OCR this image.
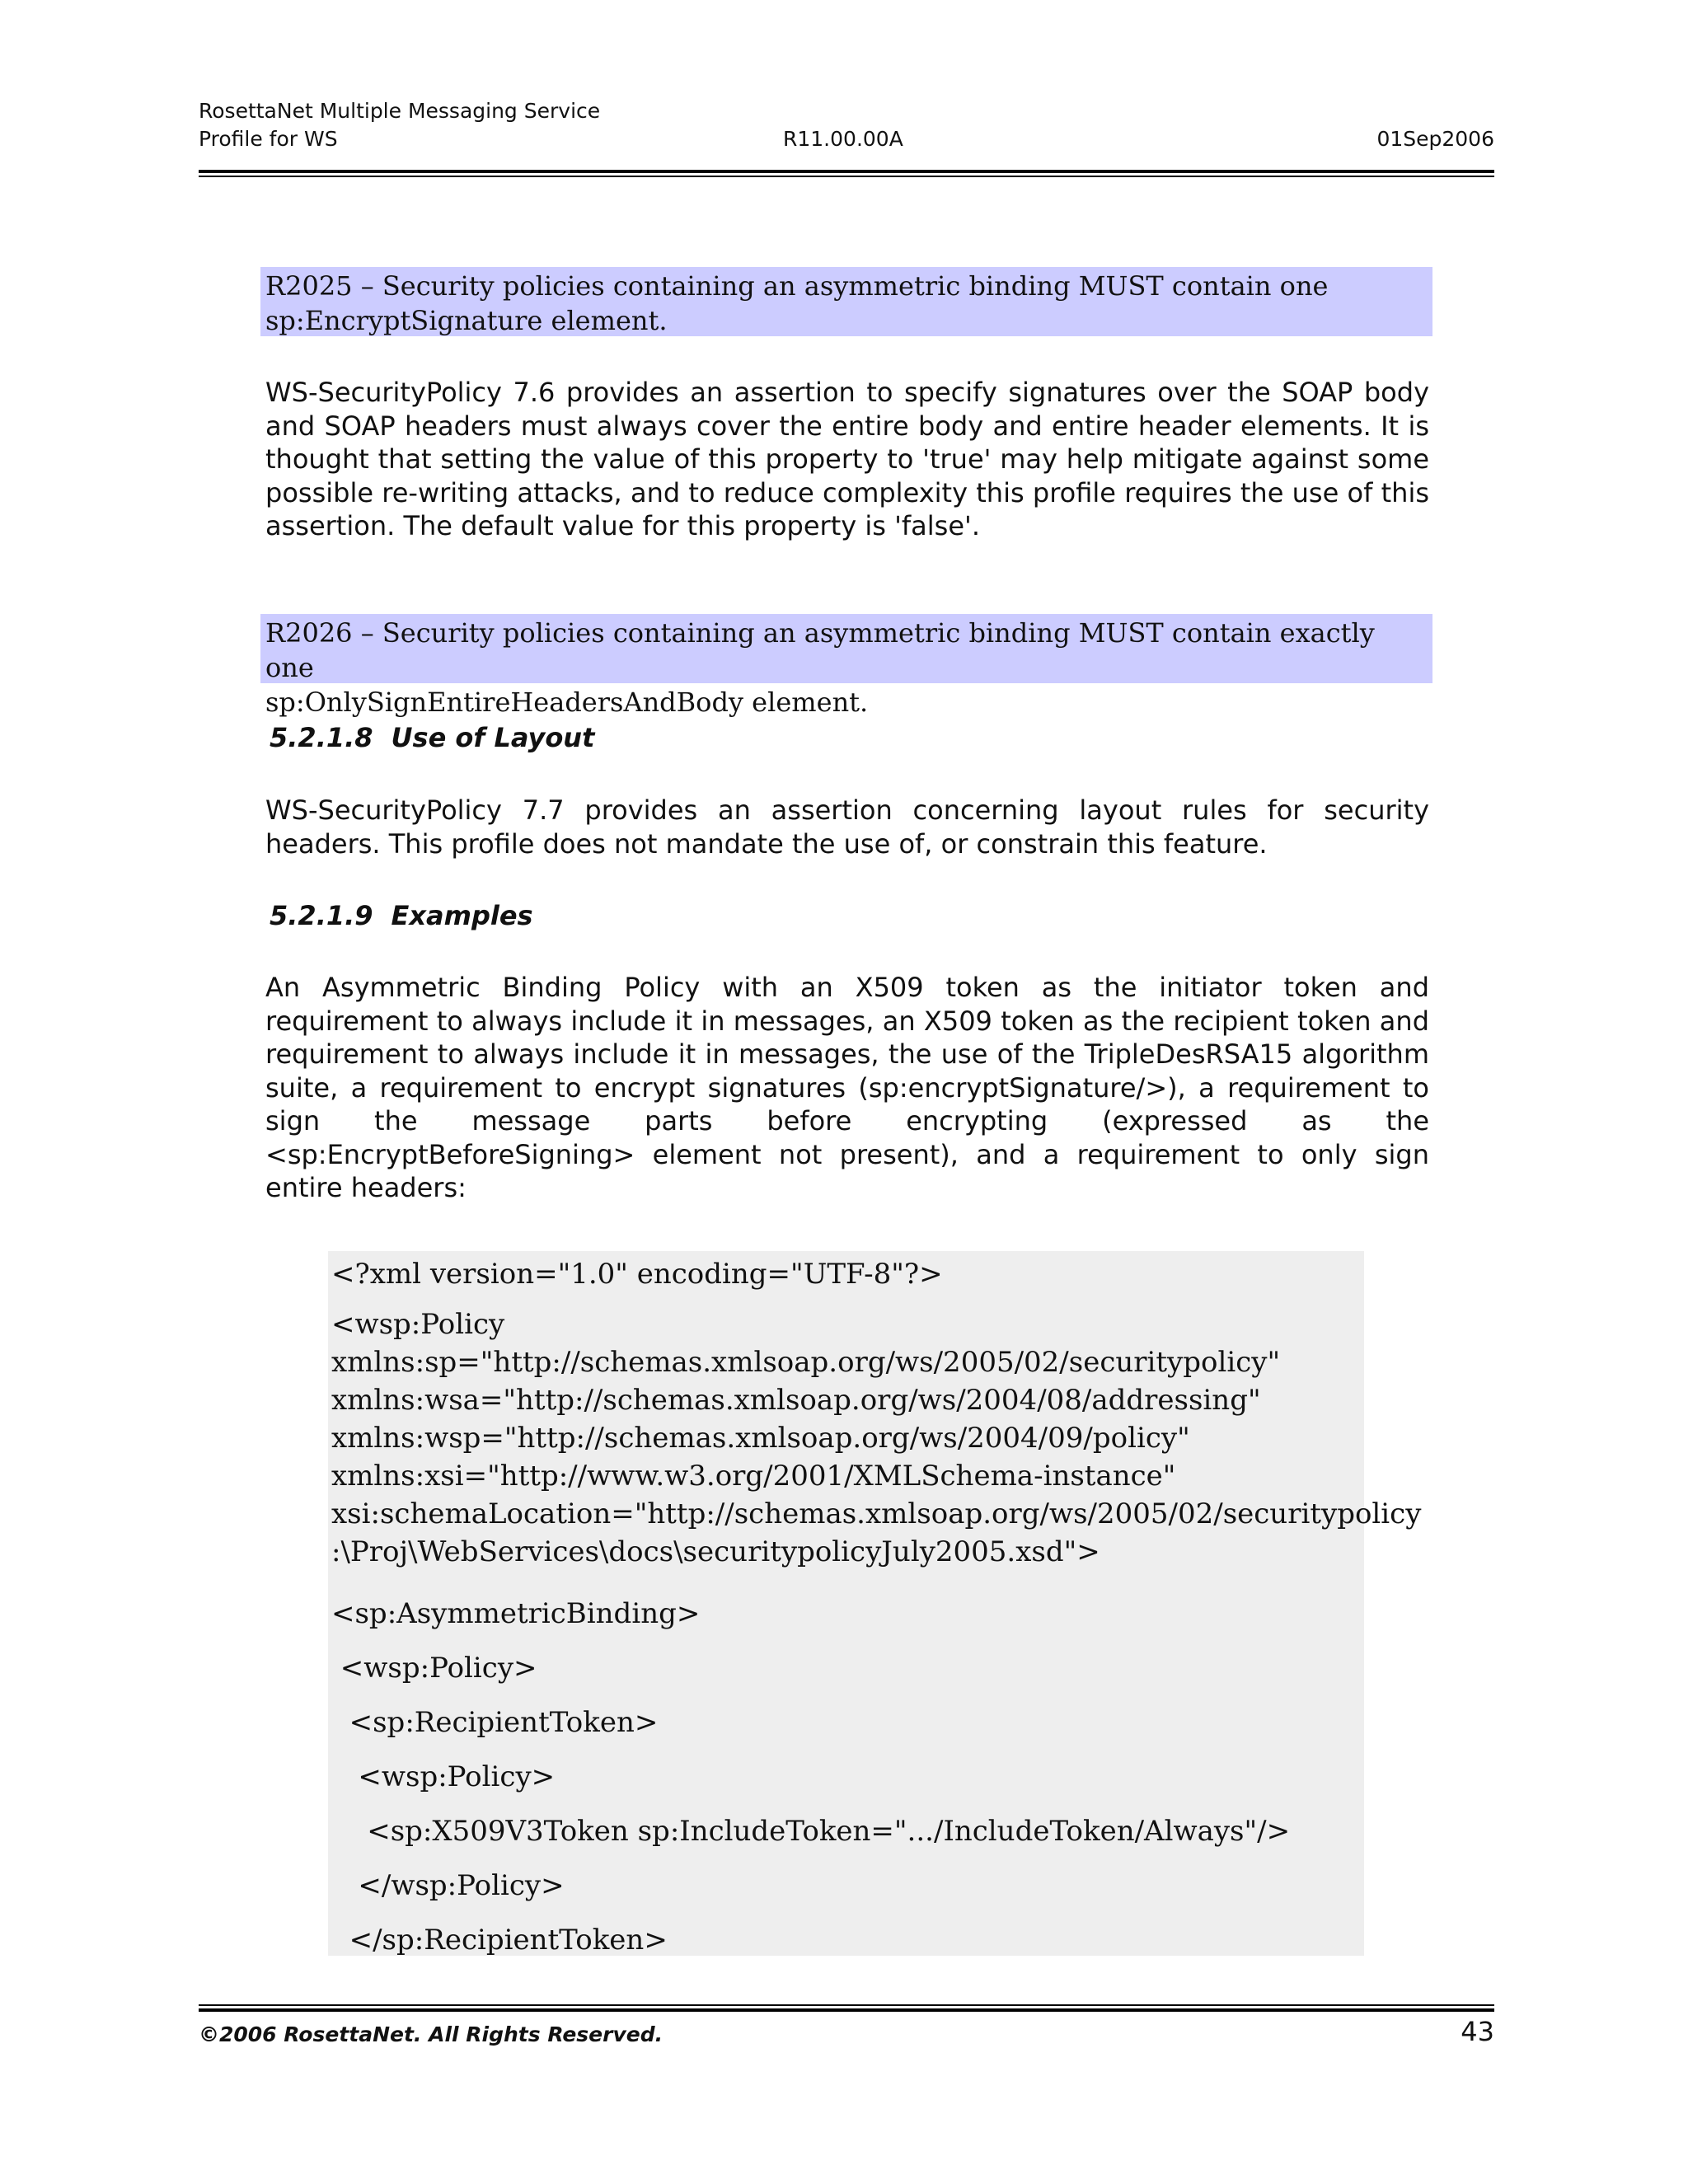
RosettaNet Multiple Messaging Service
Profile for WS	R11.00.00A	01Sep2006
R2025 – Security policies containing an asymmetric binding MUST contain one
sp:EncryptSignature element.

WS-SecurityPolicy 7.6 provides an assertion to specify signatures over the SOAP body and SOAP headers must always cover the entire body and entire header elements. It is thought that setting the value of this property to 'true' may help mitigate against some possible re-writing attacks, and to reduce complexity this profile requires the use of this assertion. The default value for this property is 'false'.

R2026 – Security policies containing an asymmetric binding MUST contain exactly one
sp:OnlySignEntireHeadersAndBody element.
5.2.1.8 Use of Layout

WS-SecurityPolicy 7.7 provides an assertion concerning layout rules for security headers. This profile does not mandate the use of, or constrain this feature.

5.2.1.9 Examples

An Asymmetric Binding Policy with an X509 token as the initiator token and requirement to always include it in messages, an X509 token as the recipient token and requirement to always include it in messages, the use of the TripleDesRSA15 algorithm suite, a requirement to encrypt signatures (sp:encryptSignature/>), a requirement to sign the message parts before encrypting (expressed as the <sp:EncryptBeforeSigning> element not present), and a requirement to only sign entire headers:

<?xml version="1.0" encoding="UTF-8"?>
<wsp:Policy
xmlns:sp="http://schemas.xmlsoap.org/ws/2005/02/securitypolicy"
xmlns:wsa="http://schemas.xmlsoap.org/ws/2004/08/addressing"
xmlns:wsp="http://schemas.xmlsoap.org/ws/2004/09/policy"
xmlns:xsi="http://www.w3.org/2001/XMLSchema-instance"
xsi:schemaLocation="http://schemas.xmlsoap.org/ws/2005/02/securitypolicy
:\Proj\WebServices\docs\securitypolicyJuly2005.xsd">
<sp:AsymmetricBinding>
<wsp:Policy>
<sp:RecipientToken>
<wsp:Policy>
<sp:X509V3Token sp:IncludeToken=".../IncludeToken/Always"/>
</wsp:Policy>
</sp:RecipientToken>
©2006 RosettaNet. All Rights Reserved.	43
